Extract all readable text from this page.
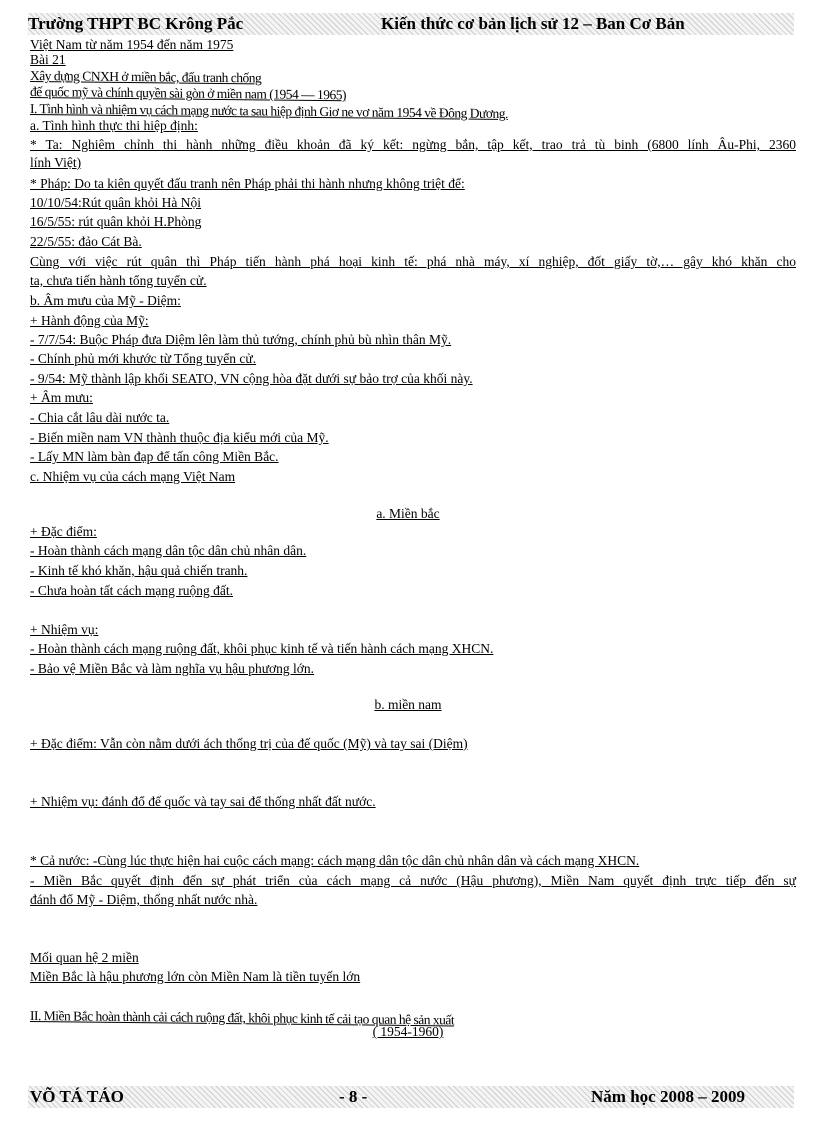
Trường THPT BC Krông Pắc	Kiến thức cơ bản lịch sử 12 – Ban Cơ Bản
Việt Nam từ năm 1954 đến năm 1975
Bài 21
Xây dựng CNXH ở miền bắc, đấu tranh chống
đế quốc mỹ và chính quyền sài gòn ở miền nam (1954 — 1965)
I. Tình hình và nhiệm vụ cách mạng nước ta sau hiệp định Giơ ne vơ năm 1954 về Đông Dương.
a. Tình hình thực thi hiệp định:
* Ta: Nghiêm chỉnh thi hành những điều khoản đã ký kết: ngừng bắn, tập kết, trao trả tù binh (6800 lính Âu-Phi, 2360
lính Việt)
* Pháp: Do ta kiên quyết đấu tranh nên Pháp phải thi hành nhưng không triệt để:
10/10/54:Rút quân khỏi Hà Nội
16/5/55: rút quân khỏi H.Phòng
22/5/55: đảo Cát Bà.
Cùng với việc rút quân thì Pháp tiến hành phá hoại kinh tế: phá nhà máy, xí nghiệp, đốt giấy tờ,… gây khó khăn cho
ta, chưa tiến hành tổng tuyển cử.
b. Âm mưu của Mỹ - Diệm:
+ Hành động của Mỹ:
- 7/7/54: Buộc Pháp đưa Diệm lên làm thủ tướng, chính phủ bù nhìn thân Mỹ.
- Chính phủ mới khước từ Tổng tuyển cử.
- 9/54: Mỹ thành lập khối SEATO, VN cộng hòa đặt dưới sự bảo trợ của khối này.
+ Âm mưu:
- Chia cắt lâu dài nước ta.
- Biến miền nam VN thành thuộc địa kiểu mới của Mỹ.
- Lấy MN làm bàn đạp để tấn công Miền Bắc.
c. Nhiệm vụ của cách mạng Việt Nam
a. Miền bắc
+ Đặc điểm:
- Hoàn thành cách mạng dân tộc dân chủ nhân dân.
- Kinh tế khó khăn, hậu quả chiến tranh.
- Chưa hoàn tất cách mạng ruộng đất.
+ Nhiệm vụ:
- Hoàn thành cách mạng ruộng đất, khôi phục kinh tế và tiến hành cách mạng XHCN.
- Bảo vệ Miền Bắc và làm nghĩa vụ hậu phương lớn.
b. miền nam
+ Đặc điểm: Vẫn còn nằm dưới ách thống trị của đế quốc (Mỹ) và tay sai (Diệm)
+ Nhiệm vụ: đánh đổ đế quốc và tay sai để thống nhất đất nước.
* Cả nước: -Cùng lúc thực hiện hai cuộc cách mạng: cách mạng dân tộc dân chủ nhân dân và cách mạng XHCN.
- Miền Bắc quyết định đến sự phát triển của cách mạng cả nước (Hậu phương), Miền Nam quyết định trực tiếp đến sự
đánh đổ Mỹ - Diệm, thống nhất nước nhà.
Mối quan hệ 2 miền
Miền Bắc là hậu phương lớn còn Miền Nam là tiền tuyến lớn
II. Miền Bắc hoàn thành cải cách ruộng đất, khôi phục kinh tế cải tạo quan hệ sản xuất
( 1954-1960)
VÕ TÁ TÁO	- 8 -	Năm học 2008 – 2009
